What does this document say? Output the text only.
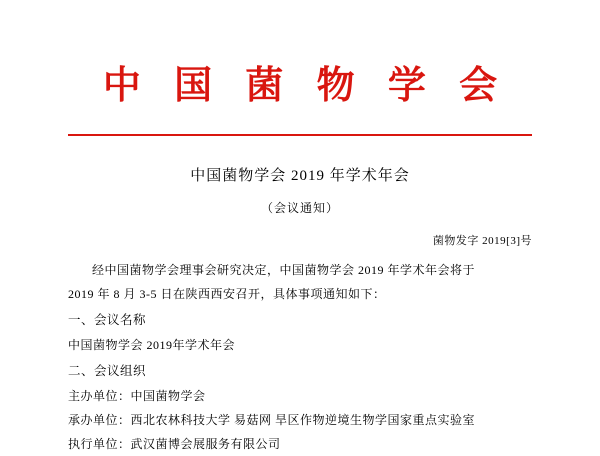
中 国 菌 物 学 会
中国菌物学会 2019 年学术年会
（会议通知）
菌物发字 2019[3]号
经中国菌物学会理事会研究决定，中国菌物学会 2019 年学术年会将于
2019 年 8 月 3-5 日在陕西西安召开，具体事项通知如下：
一、会议名称
中国菌物学会 2019年学术年会
二、会议组织
主办单位：中国菌物学会
承办单位：西北农林科技大学 易菇网 旱区作物逆境生物学国家重点实验室
执行单位：武汉菌博会展服务有限公司
